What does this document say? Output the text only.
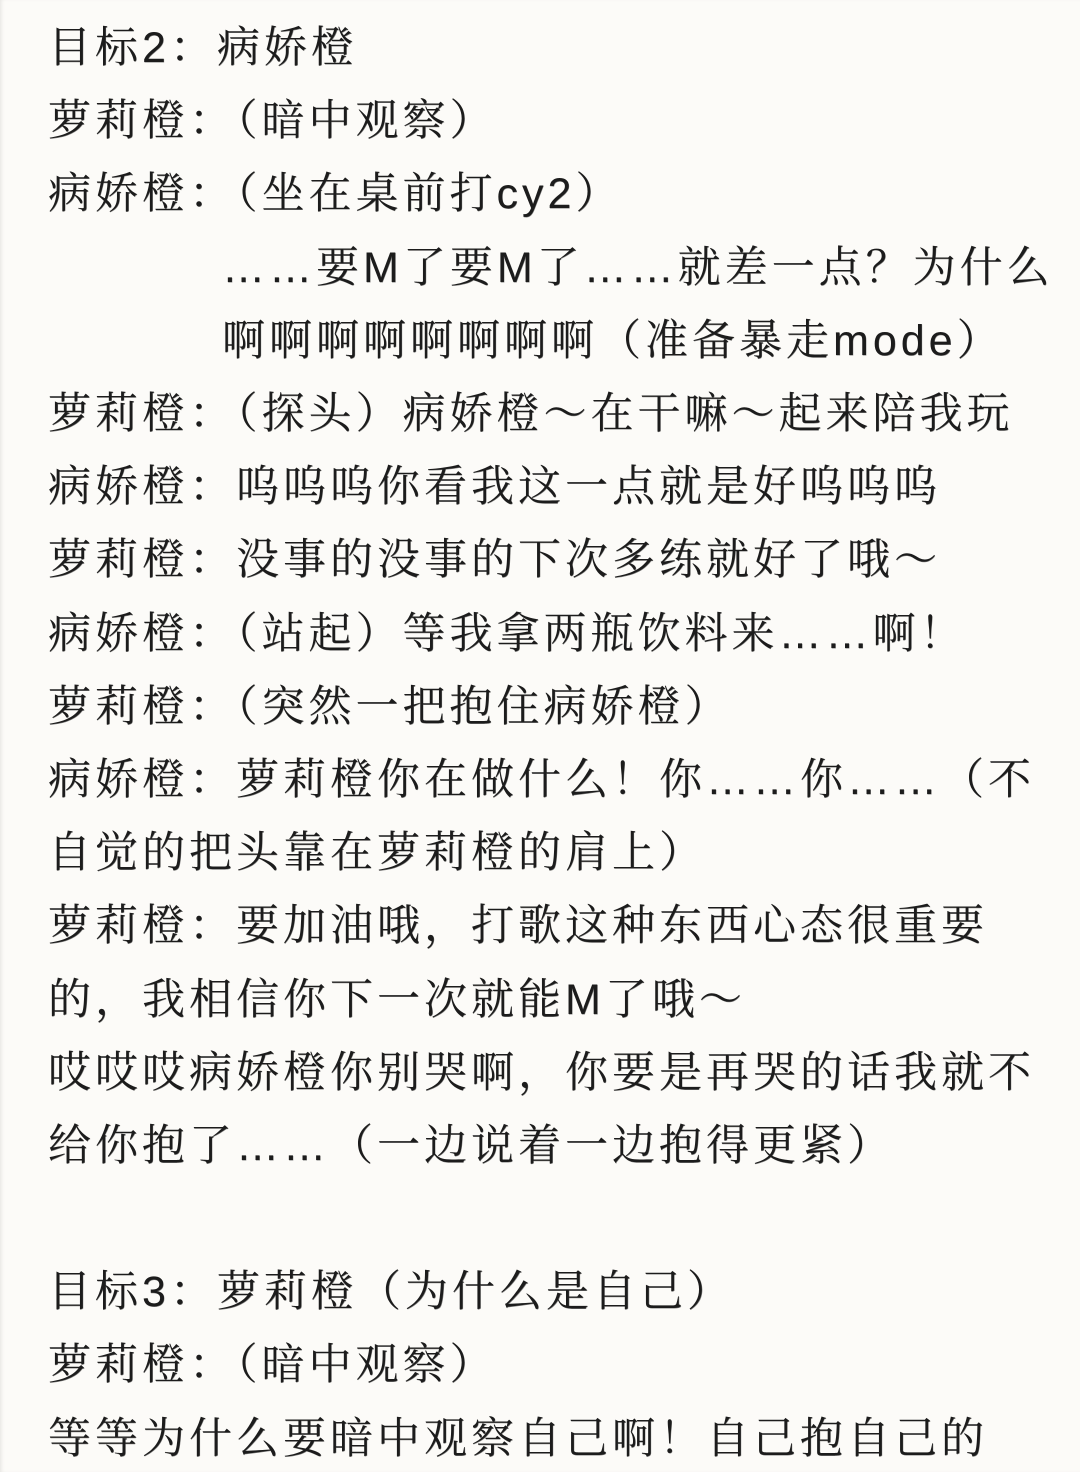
目标2：病娇橙
萝莉橙：（暗中观察）
病娇橙：（坐在桌前打cy2）
……要M了要M了……就差一点？为什么
啊啊啊啊啊啊啊啊（准备暴走mode）
萝莉橙：（探头）病娇橙～在干嘛～起来陪我玩
病娇橙：呜呜呜你看我这一点就是好呜呜呜
萝莉橙：没事的没事的下次多练就好了哦～
病娇橙：（站起）等我拿两瓶饮料来……啊！
萝莉橙：（突然一把抱住病娇橙）
病娇橙：萝莉橙你在做什么！你……你……（不
自觉的把头靠在萝莉橙的肩上）
萝莉橙：要加油哦，打歌这种东西心态很重要
的，我相信你下一次就能M了哦～
哎哎哎病娇橙你别哭啊，你要是再哭的话我就不
给你抱了……（一边说着一边抱得更紧）
目标3：萝莉橙（为什么是自己）
萝莉橙：（暗中观察）
等等为什么要暗中观察自己啊！自己抱自己的
